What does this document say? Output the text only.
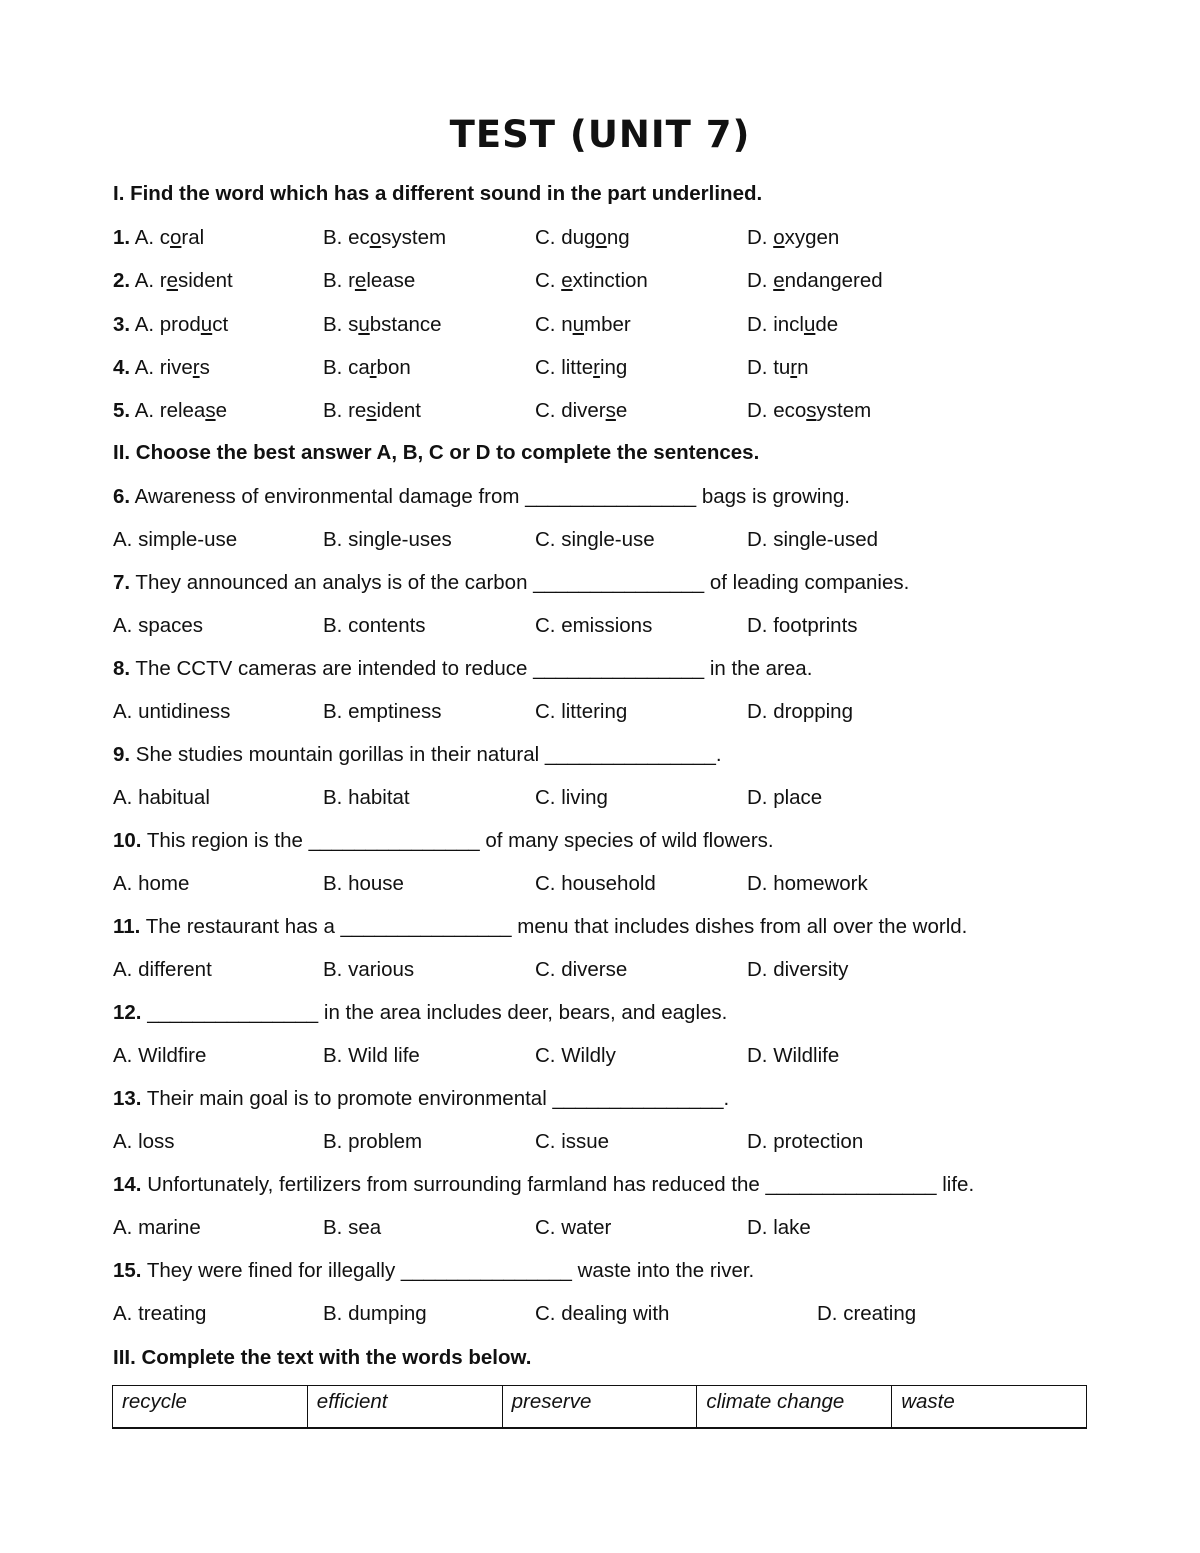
TEST (UNIT 7)
I. Find the word which has a different sound in the part underlined.
1. A. coral	B. ecosystem	C. dugong	D. oxygen
2. A. resident	B. release	C. extinction	D. endangered
3. A. product	B. substance	C. number	D. include
4. A. rivers	B. carbon	C. littering	D. turn
5. A. release	B. resident	C. diverse	D. ecosystem
II. Choose the best answer A, B, C or D to complete the sentences.
6. Awareness of environmental damage from _______________ bags is growing.
A. simple-use	B. single-uses	C. single-use	D. single-used
7. They announced an analys is of the carbon _______________ of leading companies.
A. spaces	B. contents	C. emissions	D. footprints
8. The CCTV cameras are intended to reduce _______________ in the area.
A. untidiness	B. emptiness	C. littering	D. dropping
9. She studies mountain gorillas in their natural _______________.
A. habitual	B. habitat	C. living	D. place
10. This region is the _______________ of many species of wild flowers.
A. home	B. house	C. household	D. homework
11. The restaurant has a _______________ menu that includes dishes from all over the world.
A. different	B. various	C. diverse	D. diversity
12. _______________ in the area includes deer, bears, and eagles.
A. Wildfire	B. Wild life	C. Wildly	D. Wildlife
13. Their main goal is to promote environmental _______________.
A. loss	B. problem	C. issue	D. protection
14. Unfortunately, fertilizers from surrounding farmland has reduced the _______________ life.
A. marine	B. sea	C. water	D. lake
15. They were fined for illegally _______________ waste into the river.
A. treating	B. dumping	C. dealing with	D. creating
III. Complete the text with the words below.
recycle	efficient	preserve	climate change	waste
